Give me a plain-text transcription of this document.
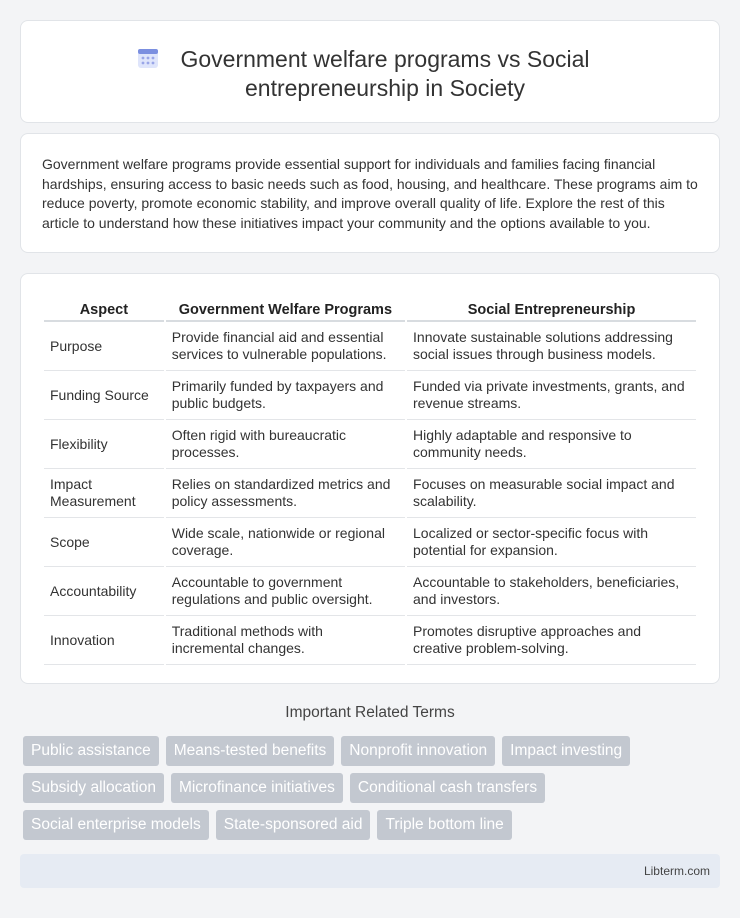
Government welfare programs vs Social entrepreneurship in Society

Government welfare programs provide essential support for individuals and families facing financial hardships, ensuring access to basic needs such as food, housing, and healthcare. These programs aim to reduce poverty, promote economic stability, and improve overall quality of life. Explore the rest of this article to understand how these initiatives impact your community and the options available to you.

Aspect	Government Welfare Programs	Social Entrepreneurship
Purpose	Provide financial aid and essential services to vulnerable populations.	Innovate sustainable solutions addressing social issues through business models.
Funding Source	Primarily funded by taxpayers and public budgets.	Funded via private investments, grants, and revenue streams.
Flexibility	Often rigid with bureaucratic processes.	Highly adaptable and responsive to community needs.
Impact Measurement	Relies on standardized metrics and policy assessments.	Focuses on measurable social impact and scalability.
Scope	Wide scale, nationwide or regional coverage.	Localized or sector-specific focus with potential for expansion.
Accountability	Accountable to government regulations and public oversight.	Accountable to stakeholders, beneficiaries, and investors.
Innovation	Traditional methods with incremental changes.	Promotes disruptive approaches and creative problem-solving.
Important Related Terms
Public assistance	Means-tested benefits	Nonprofit innovation	Impact investing
Subsidy allocation	Microfinance initiatives	Conditional cash transfers
Social enterprise models	State-sponsored aid	Triple bottom line
Libterm.com
